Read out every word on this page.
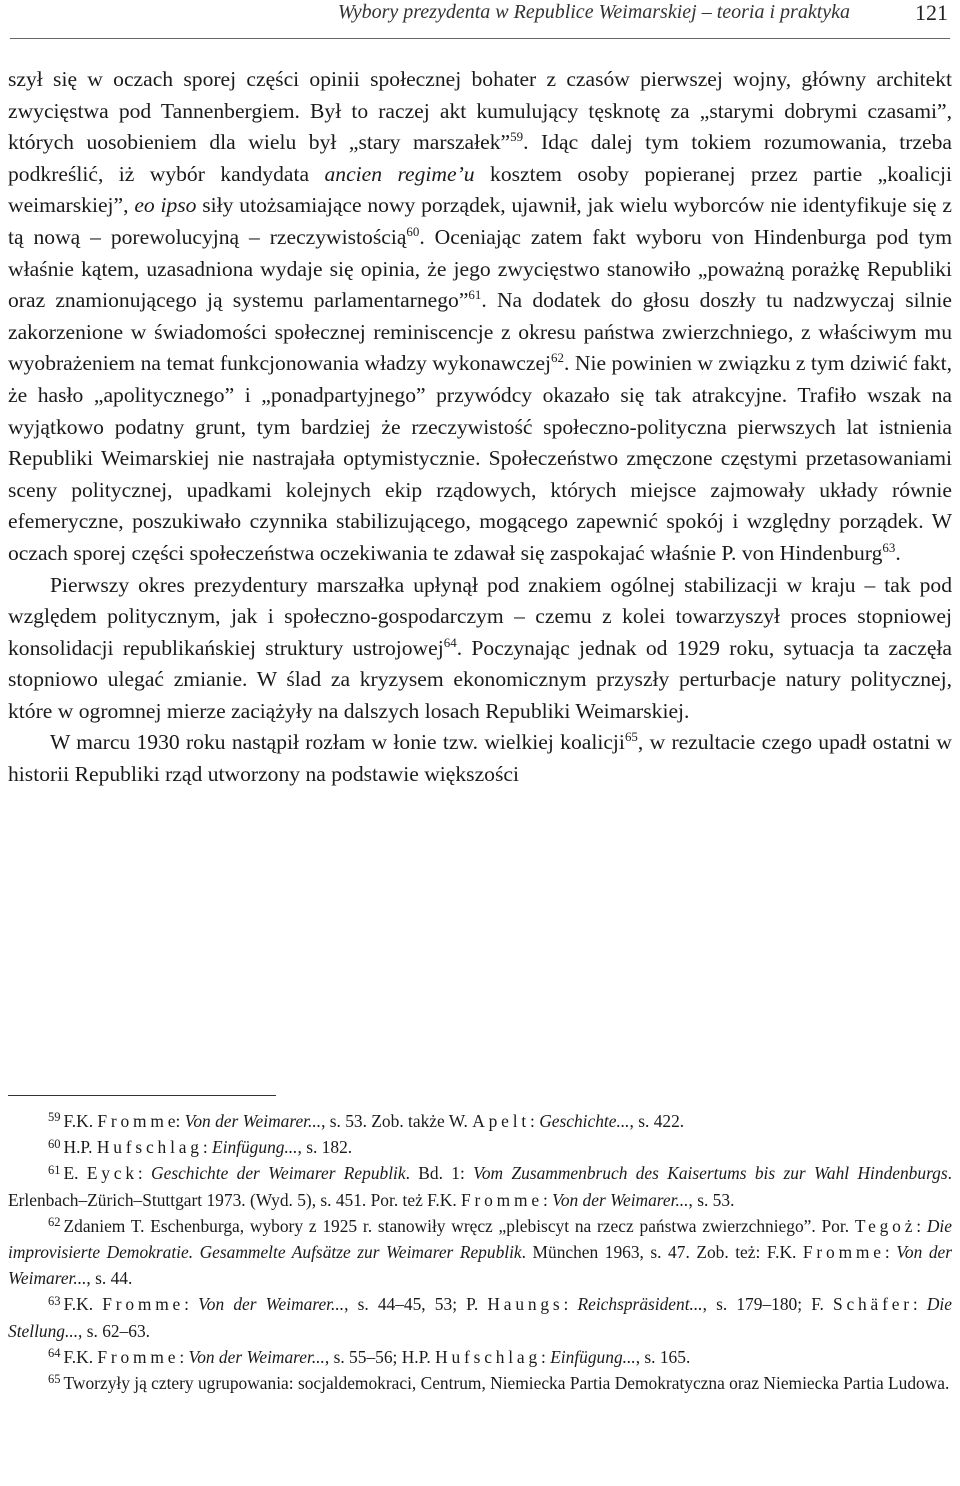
Wybory prezydenta w Republice Weimarskiej – teoria i praktyka	121

szył się w oczach sporej części opinii społecznej bohater z czasów pierwszej wojny, główny architekt zwycięstwa pod Tannenbergiem. Był to raczej akt kumulujący tęsknotę za „starymi dobrymi czasami”, których uosobieniem dla wielu był „stary marszałek”$^{59}$. Idąc dalej tym tokiem rozumowania, trzeba podkreślić, iż wybór kandydata ancien regime’u kosztem osoby popieranej przez partie „koalicji weimarskiej”, eo ipso siły utożsamiające nowy porządek, ujawnił, jak wielu wyborców nie identyfikuje się z tą nową – porewolucyjną – rzeczywistością$^{60}$. Oceniając zatem fakt wyboru von Hindenburga pod tym właśnie kątem, uzasadniona wydaje się opinia, że jego zwycięstwo stanowiło „poważną porażkę Republiki oraz znamionującego ją systemu parlamentarnego”$^{61}$. Na dodatek do głosu doszły tu nadzwyczaj silnie zakorzenione w świadomości społecznej reminiscencje z okresu państwa zwierzchniego, z właściwym mu wyobrażeniem na temat funkcjonowania władzy wykonawczej$^{62}$. Nie powinien w związku z tym dziwić fakt, że hasło „apolitycznego” i „ponadpartyjnego” przywódcy okazało się tak atrakcyjne. Trafiło wszak na wyjątkowo podatny grunt, tym bardziej że rzeczywistość społeczno-polityczna pierwszych lat istnienia Republiki Weimarskiej nie nastrajała optymistycznie. Społeczeństwo zmęczone częstymi przetasowaniami sceny politycznej, upadkami kolejnych ekip rządowych, których miejsce zajmowały układy równie efemeryczne, poszukiwało czynnika stabilizującego, mogącego zapewnić spokój i względny porządek. W oczach sporej części społeczeństwa oczekiwania te zdawał się zaspokajać właśnie P. von Hindenburg$^{63}$.

Pierwszy okres prezydentury marszałka upłynął pod znakiem ogólnej stabilizacji w kraju – tak pod względem politycznym, jak i społeczno-gospodarczym – czemu z kolei towarzyszył proces stopniowej konsolidacji republikańskiej struktury ustrojowej$^{64}$. Poczynając jednak od 1929 roku, sytuacja ta zaczęła stopniowo ulegać zmianie. W ślad za kryzysem ekonomicznym przyszły perturbacje natury politycznej, które w ogromnej mierze zaciążyły na dalszych losach Republiki Weimarskiej.

W marcu 1930 roku nastąpił rozłam w łonie tzw. wielkiej koalicji$^{65}$, w rezultacie czego upadł ostatni w historii Republiki rząd utworzony na podstawie większości

$^{59}$ F.K. Fromme: Von der Weimarer..., s. 53. Zob. także W. Apelt: Geschichte..., s. 422.

$^{60}$ H.P. Hufschlag: Einfügung..., s. 182.

$^{61}$ E. Eyck: Geschichte der Weimarer Republik. Bd. 1: Vom Zusammenbruch des Kaisertums bis zur Wahl Hindenburgs. Erlenbach–Zürich–Stuttgart 1973. (Wyd. 5), s. 451. Por. też F.K. Fromme: Von der Weimarer..., s. 53.

$^{62}$ Zdaniem T. Eschenburga, wybory z 1925 r. stanowiły wręcz „plebiscyt na rzecz państwa zwierzchniego”. Por. Tegoż: Die improvisierte Demokratie. Gesammelte Aufsätze zur Weimarer Republik. München 1963, s. 47. Zob. też: F.K. Fromme: Von der Weimarer..., s. 44.

$^{63}$ F.K. Fromme: Von der Weimarer..., s. 44–45, 53; P. Haungs: Reichspräsident..., s. 179–180; F. Schäfer: Die Stellung..., s. 62–63.

$^{64}$ F.K. Fromme: Von der Weimarer..., s. 55–56; H.P. Hufschlag: Einfügung..., s. 165.

$^{65}$ Tworzyły ją cztery ugrupowania: socjaldemokraci, Centrum, Niemiecka Partia Demokratyczna oraz Niemiecka Partia Ludowa.
